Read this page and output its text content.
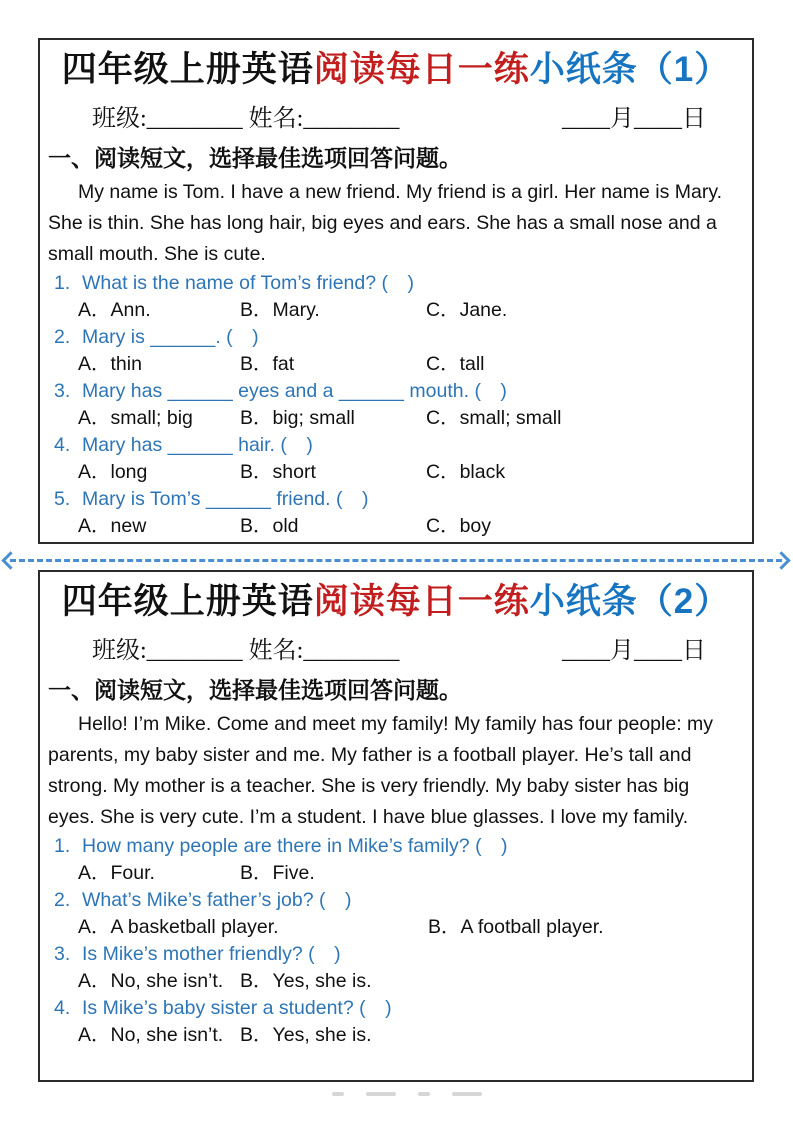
四年级上册英语阅读每日一练小纸条（1）
班级:________ 姓名:________	____月____日
一、阅读短文，选择最佳选项回答问题。

My name is Tom. I have a new friend. My friend is a girl. Her name is Mary. She is thin. She has long hair, big eyes and ears. She has a small nose and a small mouth. She is cute.

1. What is the name of Tom’s friend? (　)
A．Ann.	B．Mary.	C．Jane.
2. Mary is ______. (　)
A．thin	B．fat	C．tall
3. Mary has ______ eyes and a ______ mouth. (　)
A．small; big	B．big; small	C．small; small
4. Mary has ______ hair. (　)
A．long	B．short	C．black
5. Mary is Tom’s ______ friend. (　)
A．new	B．old	C．boy
四年级上册英语阅读每日一练小纸条（2）
班级:________ 姓名:________	____月____日
一、阅读短文，选择最佳选项回答问题。

Hello! I’m Mike. Come and meet my family! My family has four people: my parents, my baby sister and me. My father is a football player. He’s tall and strong. My mother is a teacher. She is very friendly. My baby sister has big eyes. She is very cute. I’m a student. I have blue glasses. I love my family.

1. How many people are there in Mike’s family? (　)
A．Four.	B．Five.
2. What’s Mike’s father’s job? (　)
A．A basketball player.	B．A football player.
3. Is Mike’s mother friendly? (　)
A．No, she isn’t. B．Yes, she is.
4. Is Mike’s baby sister a student? (　)
A．No, she isn’t. B．Yes, she is.
